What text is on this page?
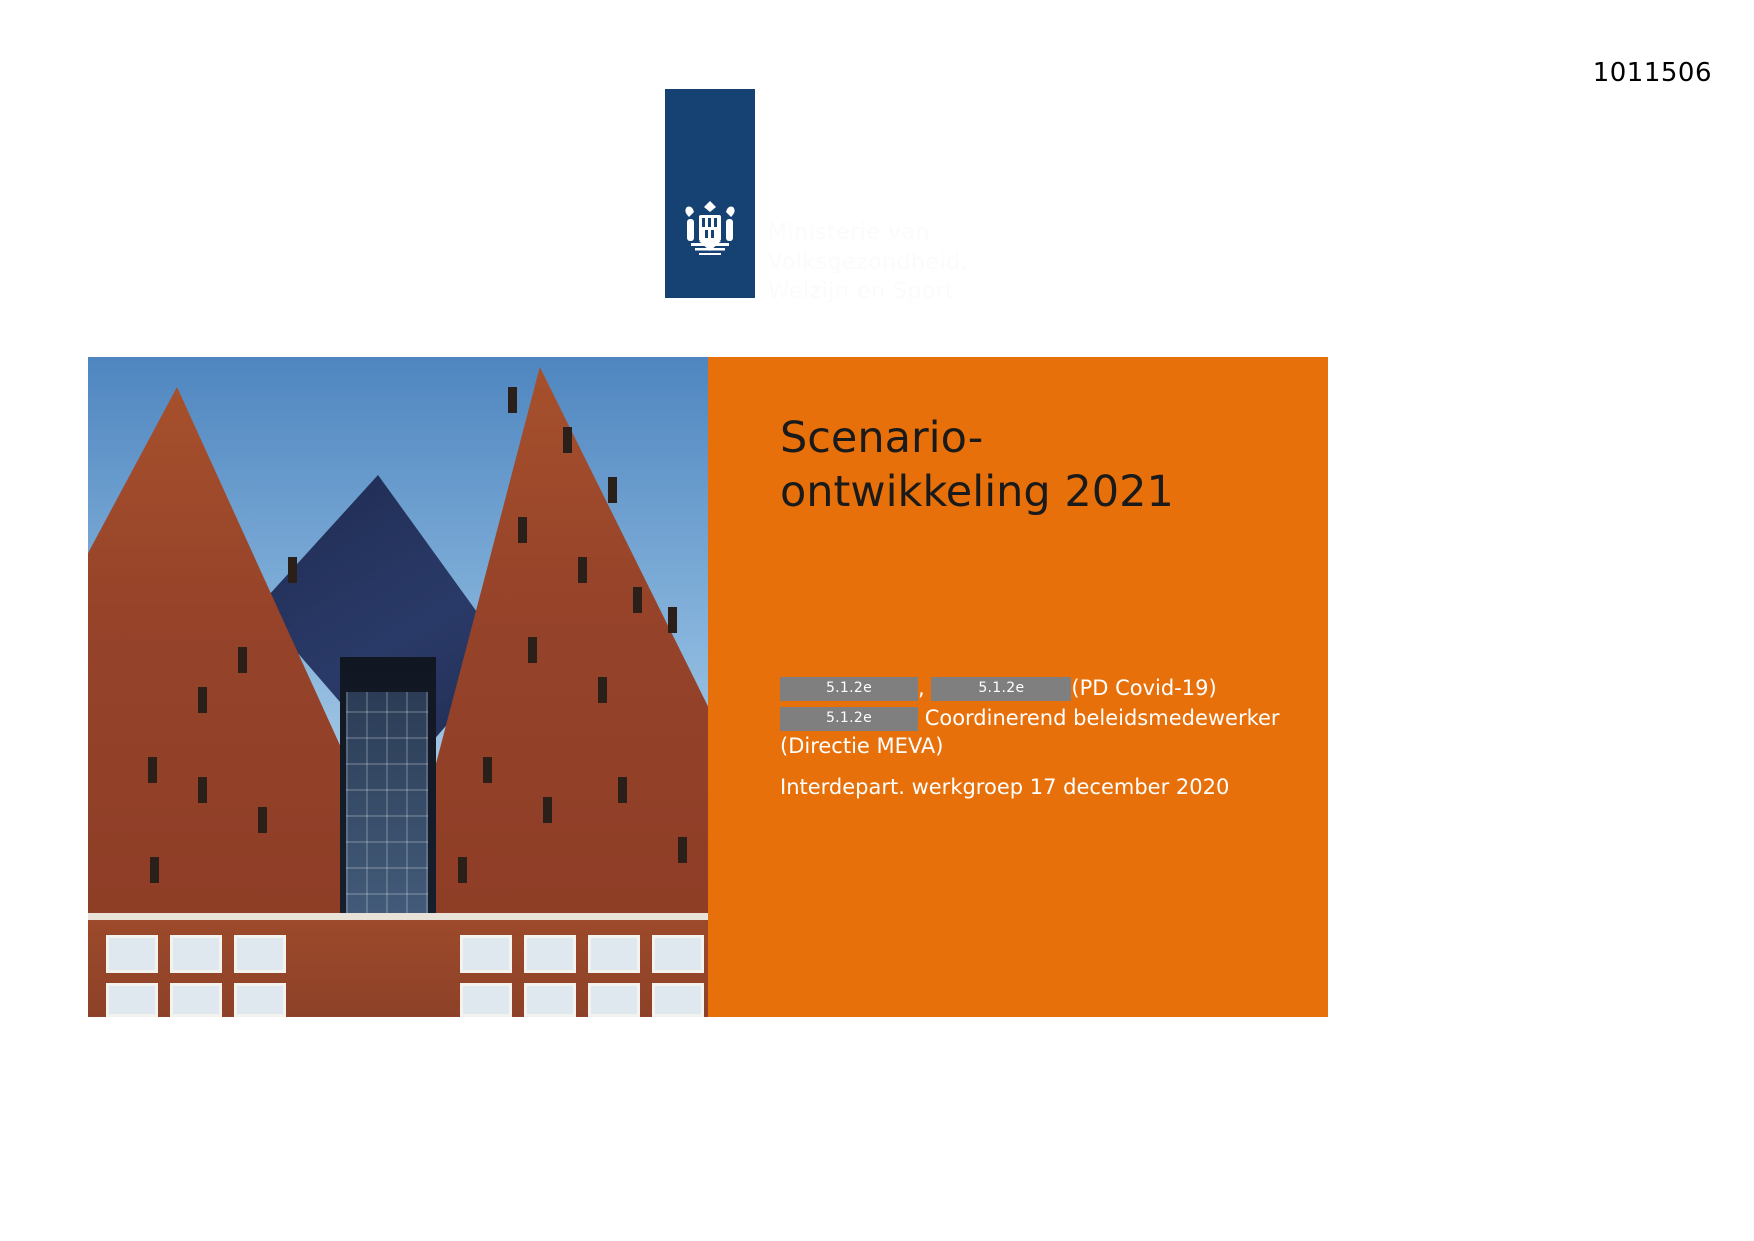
1011506
Ministerie van Volksgezondheid,
Welzijn en Sport
Scenario-
ontwikkeling 2021
5.1.2e ,	5.1.2e (PD Covid-19)
5.1.2e	Coordinerend beleidsmedewerker (Directie MEVA)
Interdepart. werkgroep 17 december 2020
